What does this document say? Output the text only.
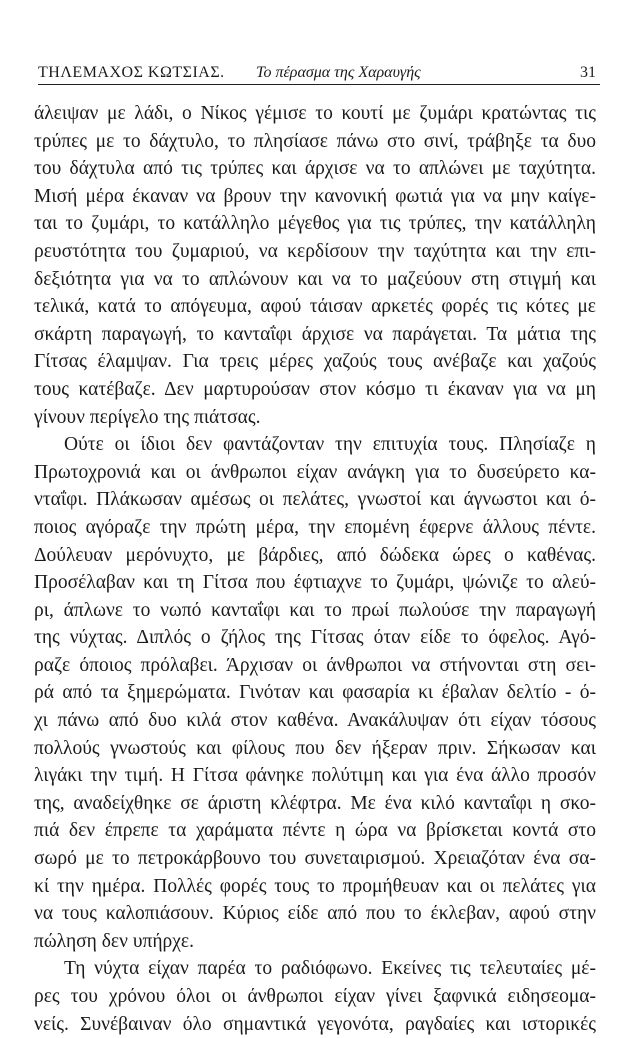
ΤΗΛΕΜΑΧΟΣ ΚΩΤΣΙΑΣ. Το πέρασμα της Χαραυγής	31
άλειψαν με λάδι, ο Νίκος γέμισε το κουτί με ζυμάρι κρατώντας τις
τρύπες με το δάχτυλο, το πλησίασε πάνω στο σινί, τράβηξε τα δυο
του δάχτυλα από τις τρύπες και άρχισε να το απλώνει με ταχύτητα.
Μισή μέρα έκαναν να βρουν την κανονική φωτιά για να μην καίγε-
ται το ζυμάρι, το κατάλληλο μέγεθος για τις τρύπες, την κατάλληλη
ρευστότητα του ζυμαριού, να κερδίσουν την ταχύτητα και την επι-
δεξιότητα για να το απλώνουν και να το μαζεύουν στη στιγμή και
τελικά, κατά το απόγευμα, αφού τάισαν αρκετές φορές τις κότες με
σκάρτη παραγωγή, το κανταΐφι άρχισε να παράγεται. Τα μάτια της
Γίτσας έλαμψαν. Για τρεις μέρες χαζούς τους ανέβαζε και χαζούς
τους κατέβαζε. Δεν μαρτυρούσαν στον κόσμο τι έκαναν για να μη
γίνουν περίγελο της πιάτσας.
Ούτε οι ίδιοι δεν φαντάζονταν την επιτυχία τους. Πλησίαζε η
Πρωτοχρονιά και οι άνθρωποι είχαν ανάγκη για το δυσεύρετο κα-
νταΐφι. Πλάκωσαν αμέσως οι πελάτες, γνωστοί και άγνωστοι και ό-
ποιος αγόραζε την πρώτη μέρα, την επομένη έφερνε άλλους πέντε.
Δούλευαν μερόνυχτο, με βάρδιες, από δώδεκα ώρες ο καθένας.
Προσέλαβαν και τη Γίτσα που έφτιαχνε το ζυμάρι, ψώνιζε το αλεύ-
ρι, άπλωνε το νωπό κανταΐφι και το πρωί πωλούσε την παραγωγή
της νύχτας. Διπλός ο ζήλος της Γίτσας όταν είδε το όφελος. Αγό-
ραζε όποιος πρόλαβει. Άρχισαν οι άνθρωποι να στήνονται στη σει-
ρά από τα ξημερώματα. Γινόταν και φασαρία κι έβαλαν δελτίο - ό-
χι πάνω από δυο κιλά στον καθένα. Ανακάλυψαν ότι είχαν τόσους
πολλούς γνωστούς και φίλους που δεν ήξεραν πριν. Σήκωσαν και
λιγάκι την τιμή. Η Γίτσα φάνηκε πολύτιμη και για ένα άλλο προσόν
της, αναδείχθηκε σε άριστη κλέφτρα. Με ένα κιλό κανταΐφι η σκο-
πιά δεν έπρεπε τα χαράματα πέντε η ώρα να βρίσκεται κοντά στο
σωρό με το πετροκάρβουνο του συνεταιρισμού. Χρειαζόταν ένα σα-
κί την ημέρα. Πολλές φορές τους το προμήθευαν και οι πελάτες για
να τους καλοπιάσουν. Κύριος είδε από που το έκλεβαν, αφού στην
πώληση δεν υπήρχε.
Τη νύχτα είχαν παρέα το ραδιόφωνο. Εκείνες τις τελευταίες μέ-
ρες του χρόνου όλοι οι άνθρωποι είχαν γίνει ξαφνικά ειδησεομα-
νείς. Συνέβαιναν όλο σημαντικά γεγονότα, ραγδαίες και ιστορικές
